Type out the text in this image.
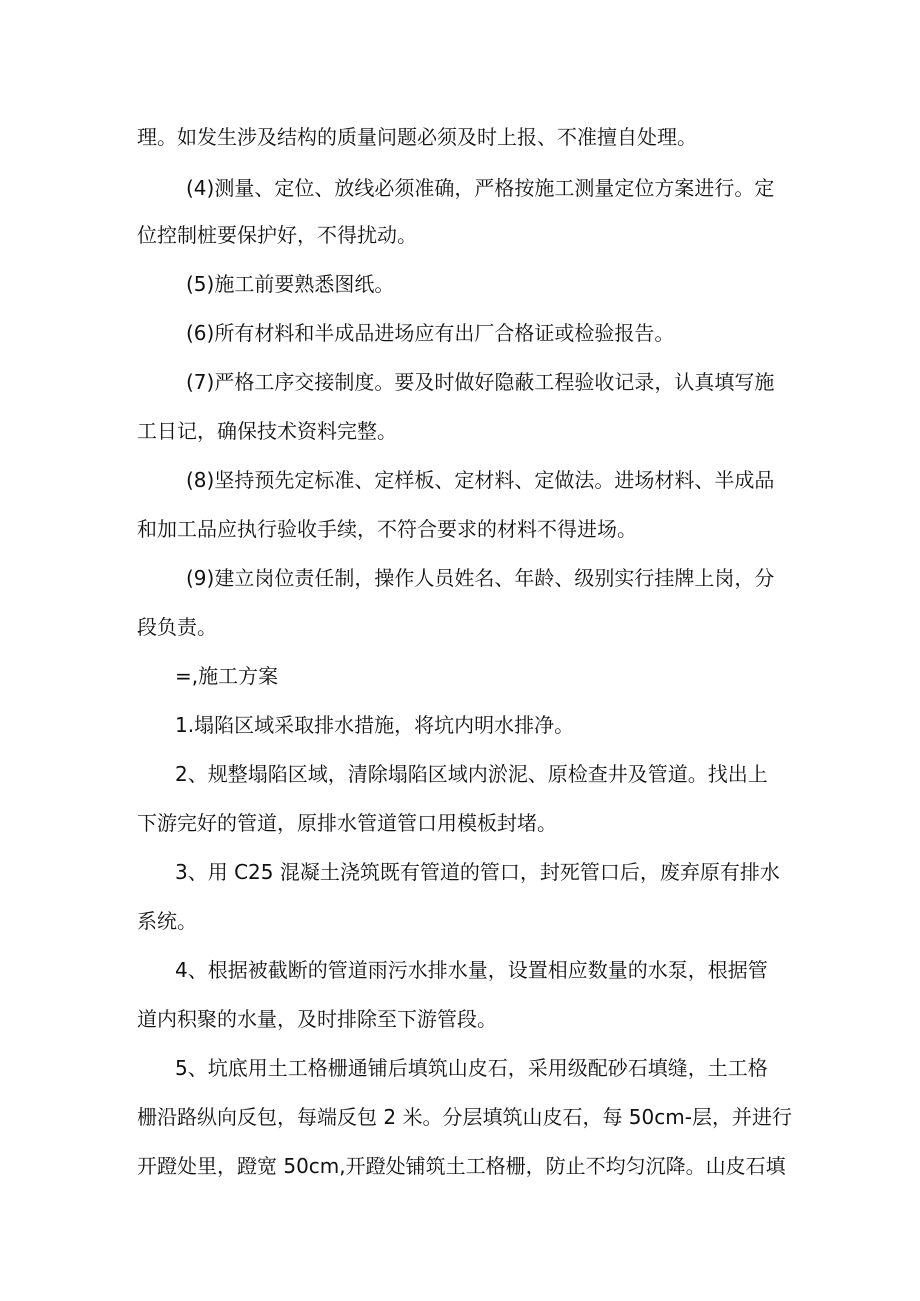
理。如发生涉及结构的质量问题必须及时上报、不准擅自处理。
(4)测量、定位、放线必须准确，严格按施工测量定位方案进行。定
位控制桩要保护好，不得扰动。
(5)施工前要熟悉图纸。
(6)所有材料和半成品进场应有出厂合格证或检验报告。
(7)严格工序交接制度。要及时做好隐蔽工程验收记录，认真填写施
工日记，确保技术资料完整。
(8)坚持预先定标准、定样板、定材料、定做法。进场材料、半成品
和加工品应执行验收手续，不符合要求的材料不得进场。
(9)建立岗位责任制，操作人员姓名、年龄、级别实行挂牌上岗，分
段负责。
=,施工方案
1.塌陷区域采取排水措施，将坑内明水排净。
2、规整塌陷区域，清除塌陷区域内淤泥、原检查井及管道。找出上
下游完好的管道，原排水管道管口用模板封堵。
3、用 C25 混凝土浇筑既有管道的管口，封死管口后，废弃原有排水
系统。
4、根据被截断的管道雨污水排水量，设置相应数量的水泵，根据管
道内积聚的水量，及时排除至下游管段。
5、坑底用土工格栅通铺后填筑山皮石，采用级配砂石填缝，土工格
栅沿路纵向反包，每端反包 2 米。分层填筑山皮石，每 50cm-层，并进行
开蹬处里，蹬宽 50cm,开蹬处铺筑土工格栅，防止不均匀沉降。山皮石填
